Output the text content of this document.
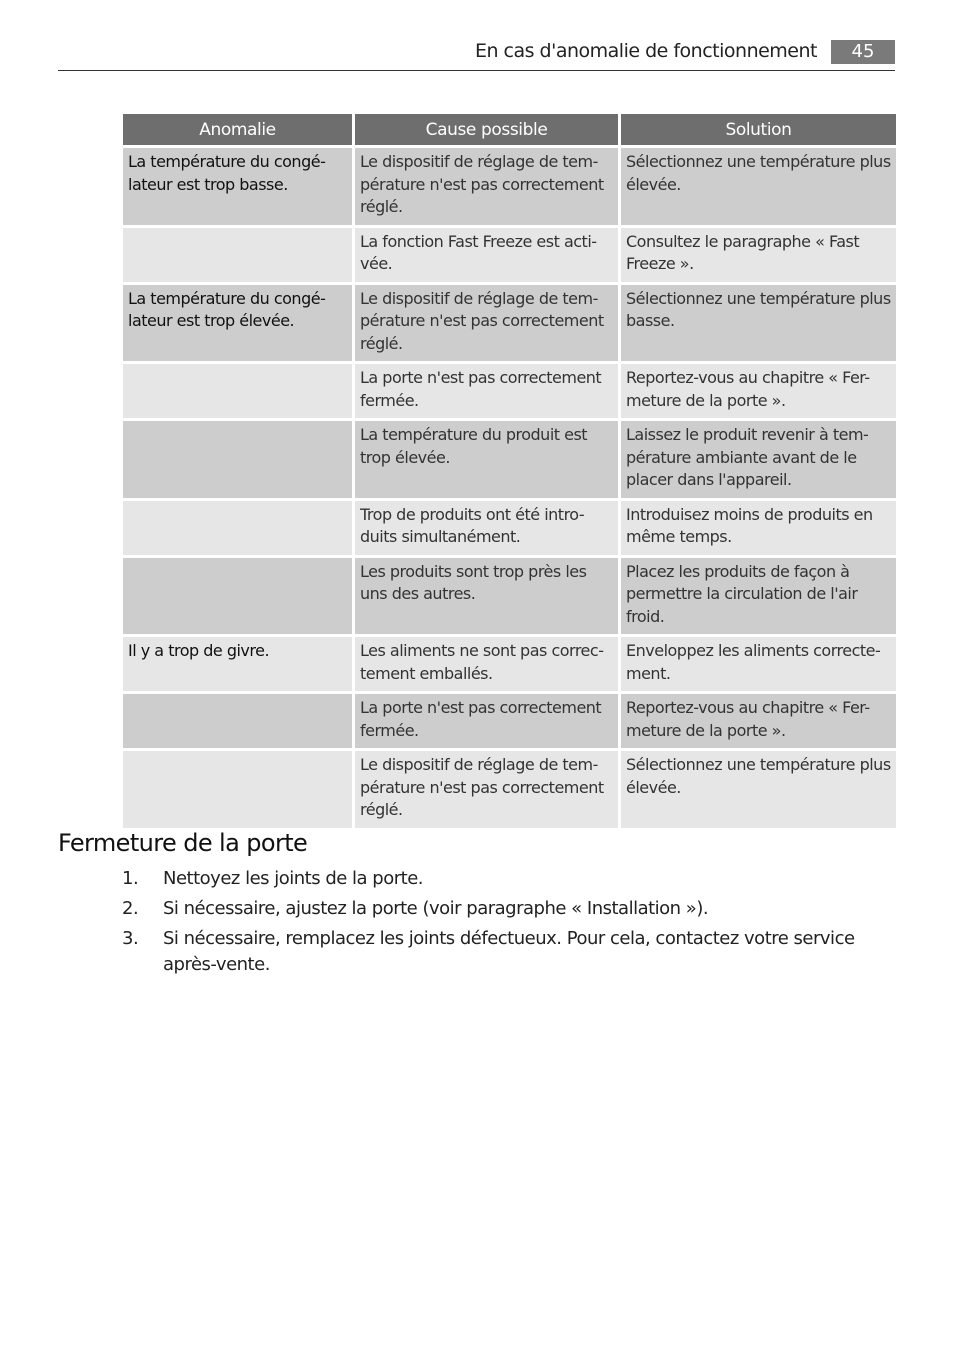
En cas d'anomalie de fonctionnement	45
Anomalie	Cause possible	Solution
La température du congé-lateur est trop basse.	Le dispositif de réglage de tem-pérature n'est pas correctement réglé.	Sélectionnez une température plus élevée.
	La fonction Fast Freeze est acti-vée.	Consultez le paragraphe « Fast Freeze ».
La température du congé-lateur est trop élevée.	Le dispositif de réglage de tem-pérature n'est pas correctement réglé.	Sélectionnez une température plus basse.
	La porte n'est pas correctement fermée.	Reportez-vous au chapitre « Fer-meture de la porte ».
	La température du produit est trop élevée.	Laissez le produit revenir à tem-pérature ambiante avant de le placer dans l'appareil.
	Trop de produits ont été intro-duits simultanément.	Introduisez moins de produits en même temps.
	Les produits sont trop près les uns des autres.	Placez les produits de façon à permettre la circulation de l'air froid.
Il y a trop de givre.	Les aliments ne sont pas correc-tement emballés.	Enveloppez les aliments correcte-ment.
	La porte n'est pas correctement fermée.	Reportez-vous au chapitre « Fer-meture de la porte ».
	Le dispositif de réglage de tem-pérature n'est pas correctement réglé.	Sélectionnez une température plus élevée.
Fermeture de la porte
1. Nettoyez les joints de la porte.
2. Si nécessaire, ajustez la porte (voir paragraphe « Installation »).
3. Si nécessaire, remplacez les joints défectueux. Pour cela, contactez votre service après-vente.
